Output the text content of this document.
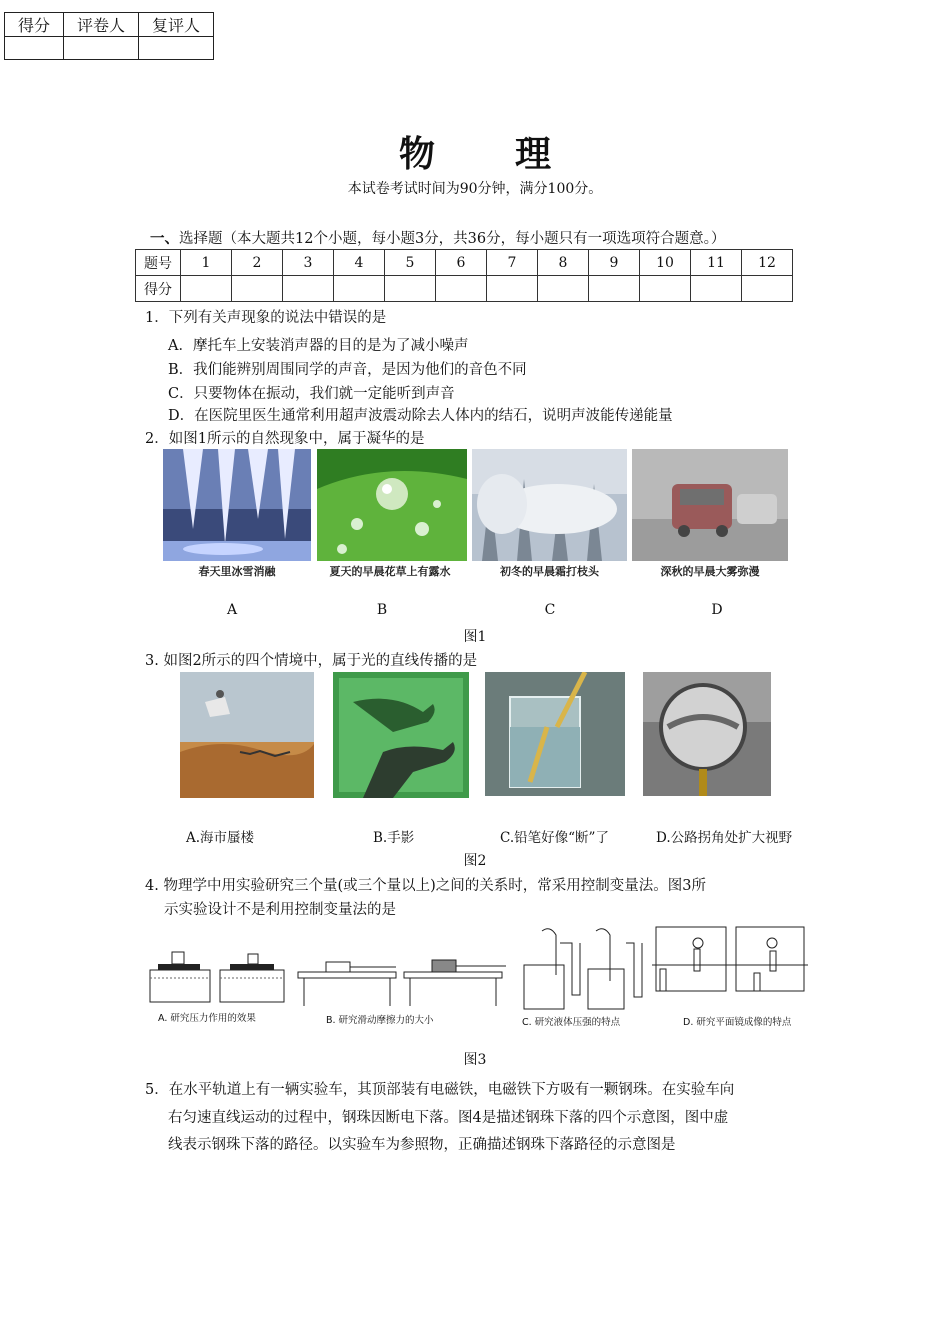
得分	评卷人	复评人

物 理
本试卷考试时间为90分钟，满分100分。
一、选择题（本大题共12个小题，每小题3分，共36分，每小题只有一项选项符合题意。）
题号	1	2	3	4	5	6	7	8	9	10	11	12
得分												
1．下列有关声现象的说法中错误的是
A．摩托车上安装消声器的目的是为了减小噪声
B．我们能辨别周围同学的声音，是因为他们的音色不同
C．只要物体在振动，我们就一定能听到声音
D．在医院里医生通常利用超声波震动除去人体内的结石，说明声波能传递能量
2．如图1所示的自然现象中，属于凝华的是
春天里冰雪消融	夏天的早晨花草上有露水	初冬的早晨霜打枝头	深秋的早晨大雾弥漫
A	B	C	D
图1
3. 如图2所示的四个情境中，属于光的直线传播的是
A.海市蜃楼	B.手影	C.铅笔好像“断”了	D.公路拐角处扩大视野
图2
4. 物理学中用实验研究三个量(或三个量以上)之间的关系时，常采用控制变量法。图3所
示实验设计不是利用控制变量法的是
A. 研究压力作用的效果	B. 研究滑动摩擦力的大小	C. 研究液体压强的特点	D. 研究平面镜成像的特点
图3
5．在水平轨道上有一辆实验车，其顶部装有电磁铁，电磁铁下方吸有一颗钢珠。在实验车向
右匀速直线运动的过程中，钢珠因断电下落。图4是描述钢珠下落的四个示意图，图中虚
线表示钢珠下落的路径。以实验车为参照物，正确描述钢珠下落路径的示意图是
